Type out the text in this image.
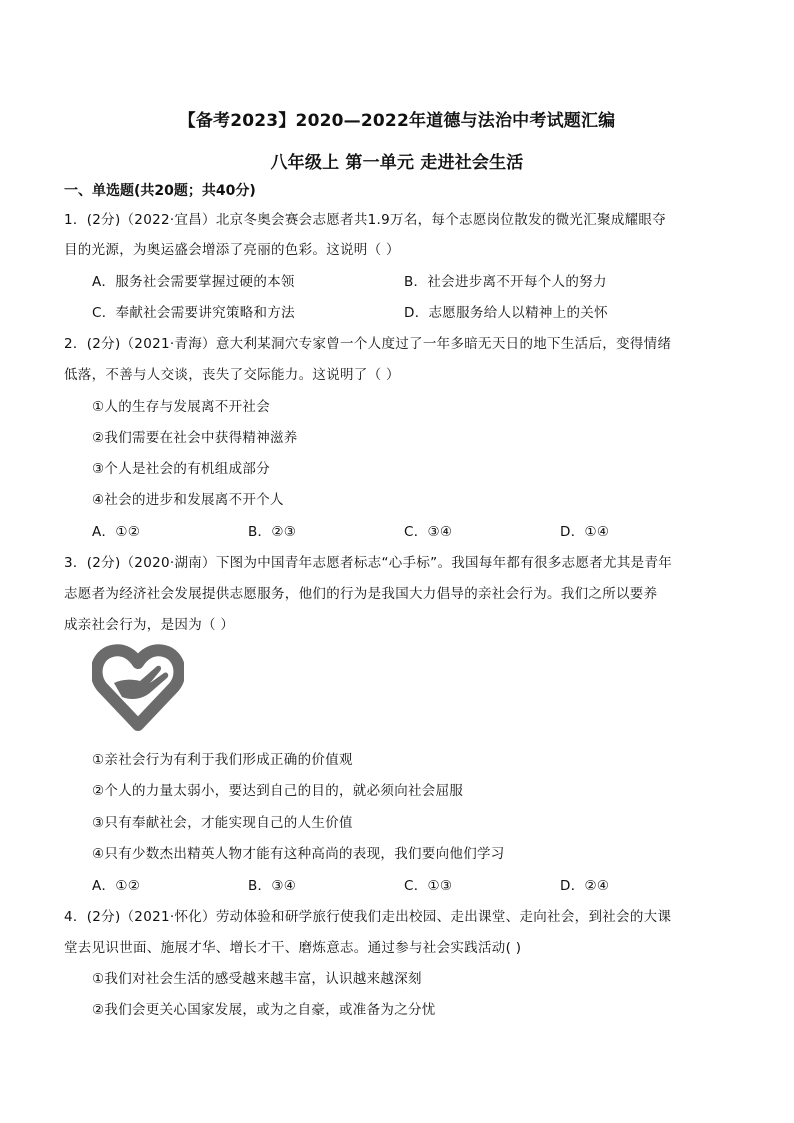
【备考2023】2020—2022年道德与法治中考试题汇编
八年级上 第一单元 走进社会生活
一、单选题(共20题；共40分)
1．(2分)（2022·宜昌）北京冬奥会赛会志愿者共1.9万名，每个志愿岗位散发的微光汇聚成耀眼夺
目的光源，为奥运盛会增添了亮丽的色彩。这说明（ ）
A．服务社会需要掌握过硬的本领	B．社会进步离不开每个人的努力
C．奉献社会需要讲究策略和方法	D．志愿服务给人以精神上的关怀
2．(2分)（2021·青海）意大利某洞穴专家曾一个人度过了一年多暗无天日的地下生活后，变得情绪
低落，不善与人交谈，丧失了交际能力。这说明了（ ）
①人的生存与发展离不开社会
②我们需要在社会中获得精神滋养
③个人是社会的有机组成部分
④社会的进步和发展离不开个人
A．①②	B．②③	C．③④	D．①④
3．(2分)（2020·湖南）下图为中国青年志愿者标志“心手标”。我国每年都有很多志愿者尤其是青年
志愿者为经济社会发展提供志愿服务，他们的行为是我国大力倡导的亲社会行为。我们之所以要养
成亲社会行为，是因为（ ）
①亲社会行为有利于我们形成正确的价值观
②个人的力量太弱小，要达到自己的目的，就必须向社会屈服
③只有奉献社会，才能实现自己的人生价值
④只有少数杰出精英人物才能有这种高尚的表现，我们要向他们学习
A．①②	B．③④	C．①③	D．②④
4．(2分)（2021·怀化）劳动体验和研学旅行使我们走出校园、走出课堂、走向社会，到社会的大课
堂去见识世面、施展才华、增长才干、磨炼意志。通过参与社会实践活动( )
①我们对社会生活的感受越来越丰富，认识越来越深刻
②我们会更关心国家发展，或为之自豪，或准备为之分忧
